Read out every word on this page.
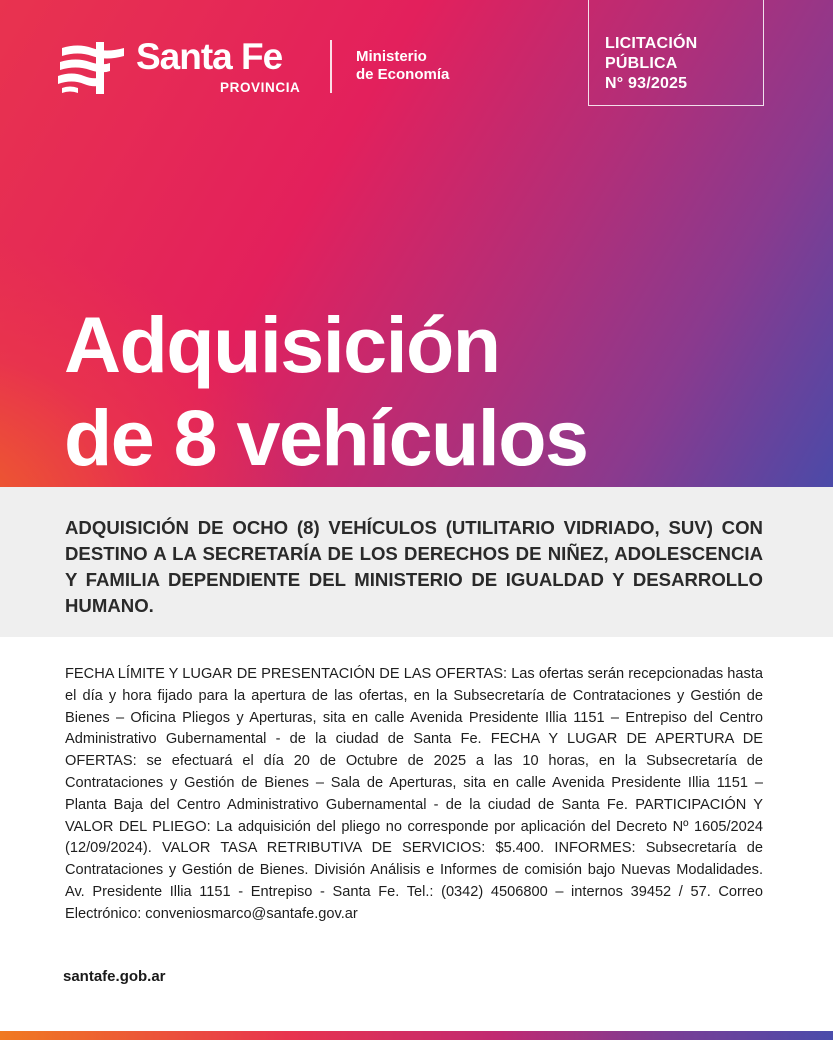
Santa Fe
PROVINCIA
Ministerio
de Economía
LICITACIÓN
PÚBLICA
N° 93/2025
Adquisición
de 8 vehículos

ADQUISICIÓN DE OCHO (8) VEHÍCULOS (UTILITARIO VIDRIADO, SUV) CON DESTINO A LA SECRETARÍA DE LOS DERECHOS DE NIÑEZ, ADOLESCENCIA Y FAMILIA DEPENDIENTE DEL MINISTERIO DE IGUALDAD Y DESARROLLO HUMANO.

FECHA LÍMITE Y LUGAR DE PRESENTACIÓN DE LAS OFERTAS: Las ofertas serán recepcionadas hasta el día y hora fijado para la apertura de las ofertas, en la Subsecretaría de Contrataciones y Gestión de Bienes – Oficina Pliegos y Aperturas, sita en calle Avenida Presidente Illia 1151 – Entrepiso del Centro Administrativo Gubernamental - de la ciudad de Santa Fe. FECHA Y LUGAR DE APERTURA DE OFERTAS: se efectuará el día 20 de Octubre de 2025 a las 10 horas, en la Subsecretaría de Contrataciones y Gestión de Bienes – Sala de Aperturas, sita en calle Avenida Presidente Illia 1151 – Planta Baja del Centro Administrativo Gubernamental - de la ciudad de Santa Fe. PARTICIPACIÓN Y VALOR DEL PLIEGO: La adquisición del pliego no corresponde por aplicación del Decreto Nº 1605/2024 (12/09/2024). VALOR TASA RETRIBUTIVA DE SERVICIOS: $5.400. INFORMES: Subsecretaría de Contrataciones y Gestión de Bienes. División Análisis e Informes de comisión bajo Nuevas Modalidades. Av. Presidente Illia 1151 - Entrepiso - Santa Fe. Tel.: (0342) 4506800 – internos 39452 / 57. Correo Electrónico: conveniosmarco@santafe.gov.ar

santafe.gob.ar
